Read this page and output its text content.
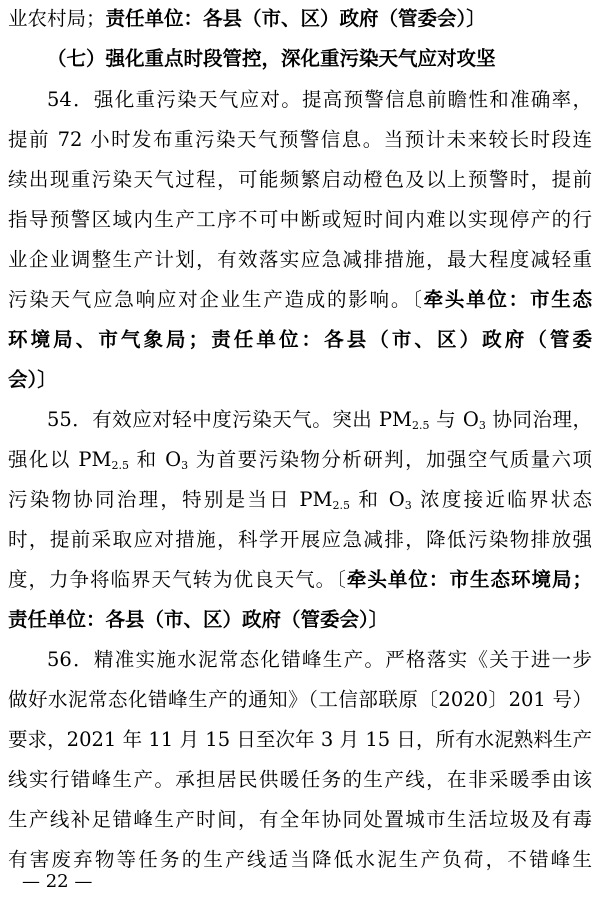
业农村局；责任单位：各县（市、区）政府（管委会）〕
（七）强化重点时段管控，深化重污染天气应对攻坚
54．强化重污染天气应对。提高预警信息前瞻性和准确率，
提前 72 小时发布重污染天气预警信息。当预计未来较长时段连
续出现重污染天气过程，可能频繁启动橙色及以上预警时，提前
指导预警区域内生产工序不可中断或短时间内难以实现停产的行
业企业调整生产计划，有效落实应急减排措施，最大程度减轻重
污染天气应急响应对企业生产造成的影响。〔牵头单位：市生态
环境局、市气象局；责任单位：各县（市、区）政府（管委
会）〕
55．有效应对轻中度污染天气。突出 $PM_{2.5}$ 与 $O_3$ 协同治理，
强化以 $PM_{2.5}$ 和 $O_3$ 为首要污染物分析研判，加强空气质量六项
污染物协同治理，特别是当日 $PM_{2.5}$ 和 $O_3$ 浓度接近临界状态
时，提前采取应对措施，科学开展应急减排，降低污染物排放强
度，力争将临界天气转为优良天气。〔牵头单位：市生态环境局；
责任单位：各县（市、区）政府（管委会）〕
56．精准实施水泥常态化错峰生产。严格落实《关于进一步
做好水泥常态化错峰生产的通知》（工信部联原〔2020〕201 号）
要求，2021 年 11 月 15 日至次年 3 月 15 日，所有水泥熟料生产
线实行错峰生产。承担居民供暖任务的生产线，在非采暖季由该
生产线补足错峰生产时间，有全年协同处置城市生活垃圾及有毒
有害废弃物等任务的生产线适当降低水泥生产负荷，不错峰生
— 22 —
